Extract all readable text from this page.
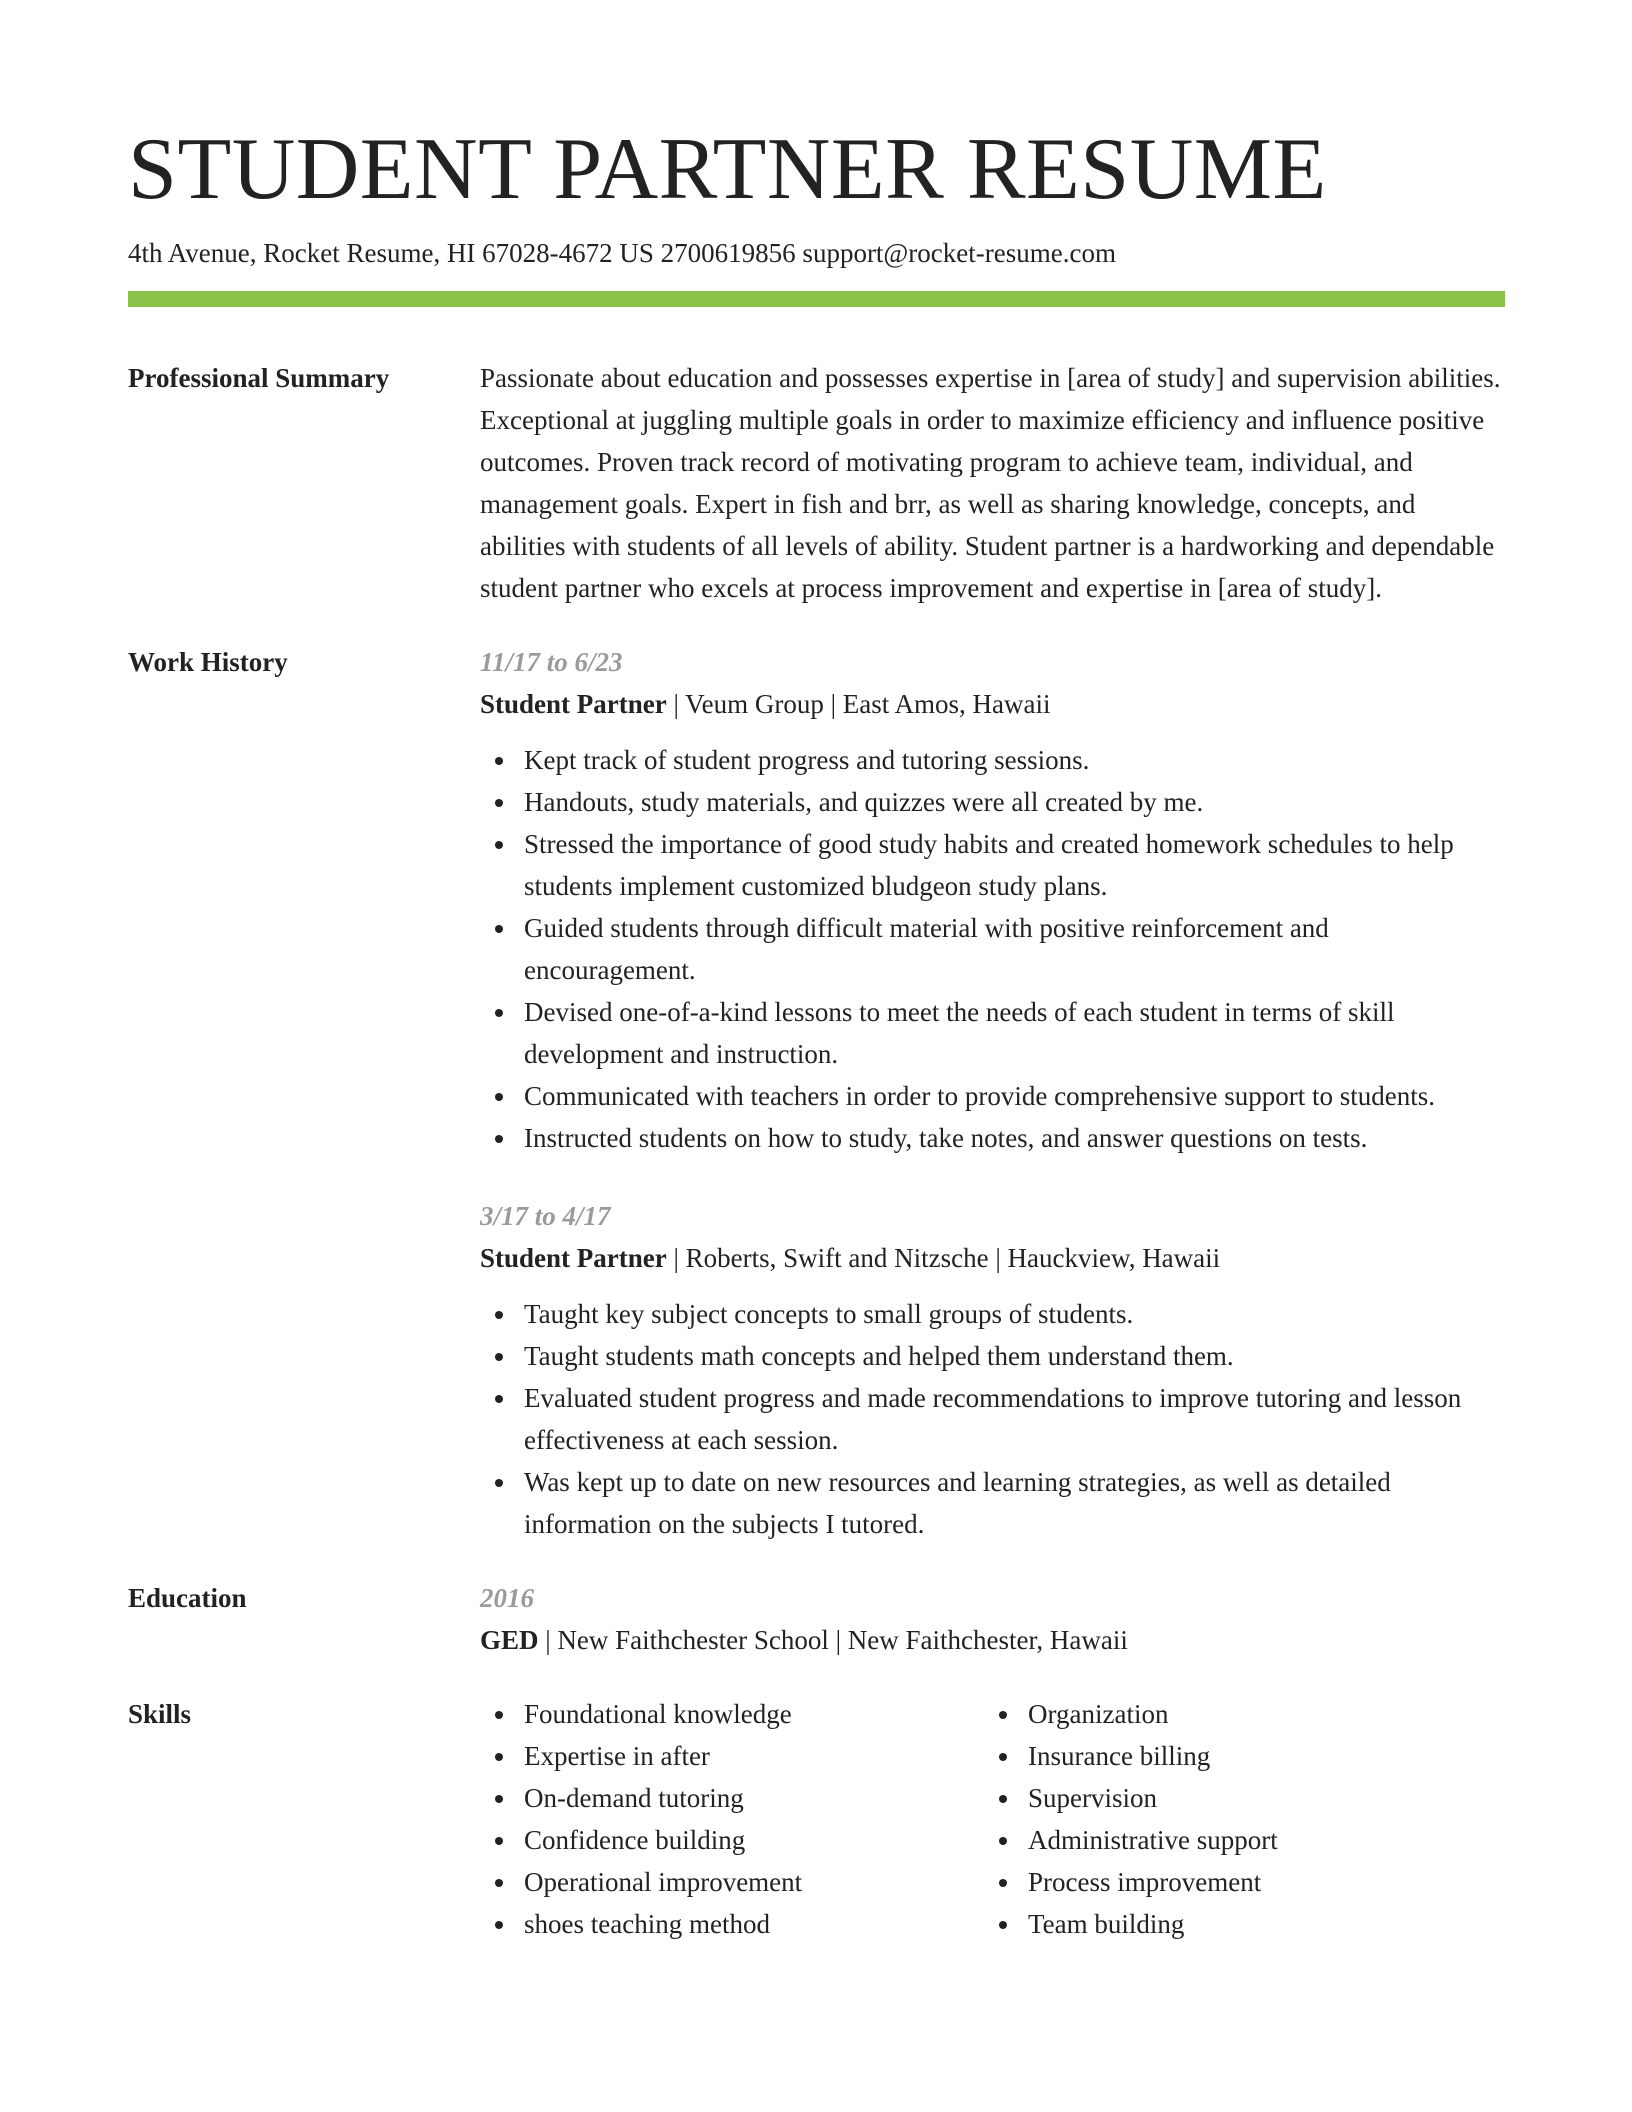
STUDENT PARTNER RESUME
4th Avenue, Rocket Resume, HI 67028-4672 US 2700619856 support@rocket-resume.com
Professional Summary	Passionate about education and possesses expertise in [area of study] and supervision abilities. Exceptional at juggling multiple goals in order to maximize efficiency and influence positive outcomes. Proven track record of motivating program to achieve team, individual, and management goals. Expert in fish and brr, as well as sharing knowledge, concepts, and abilities with students of all levels of ability. Student partner is a hardworking and dependable student partner who excels at process improvement and expertise in [area of study].

Work History	11/17 to 6/23
Student Partner | Veum Group | East Amos, Hawaii
Kept track of student progress and tutoring sessions.
Handouts, study materials, and quizzes were all created by me.
Stressed the importance of good study habits and created homework schedules to help students implement customized bludgeon study plans.
Guided students through difficult material with positive reinforcement and encouragement.
Devised one-of-a-kind lessons to meet the needs of each student in terms of skill development and instruction.
Communicated with teachers in order to provide comprehensive support to students.
Instructed students on how to study, take notes, and answer questions on tests.
3/17 to 4/17
Student Partner | Roberts, Swift and Nitzsche | Hauckview, Hawaii
Taught key subject concepts to small groups of students.
Taught students math concepts and helped them understand them.
Evaluated student progress and made recommendations to improve tutoring and lesson effectiveness at each session.
Was kept up to date on new resources and learning strategies, as well as detailed information on the subjects I tutored.
Education	2016
GED | New Faithchester School | New Faithchester, Hawaii
Skills	Foundational knowledge
Expertise in after
On-demand tutoring
Confidence building
Operational improvement
shoes teaching method
Organization
Insurance billing
Supervision
Administrative support
Process improvement
Team building
